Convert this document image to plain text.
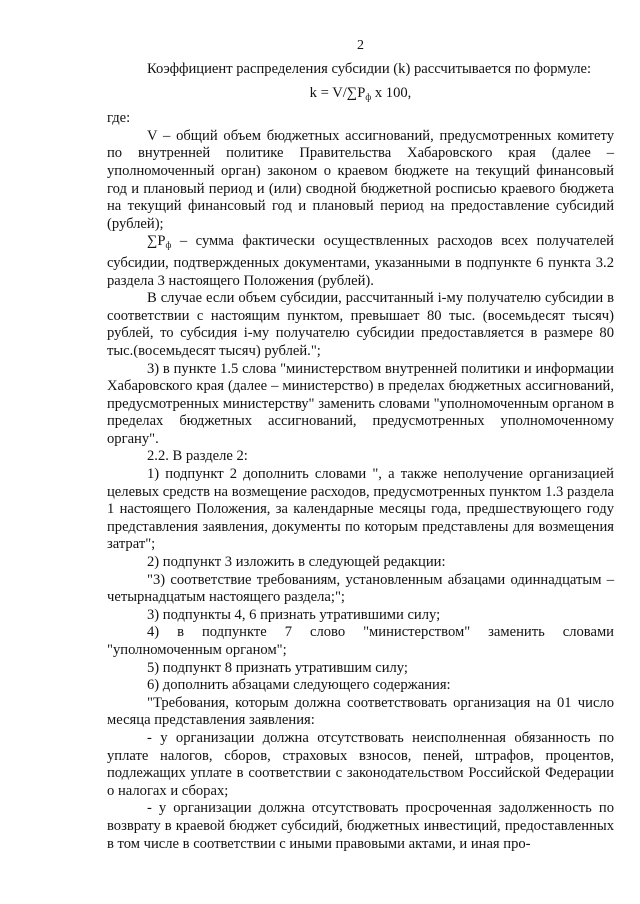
2

Коэффициент распределения субсидии (k) рассчитывается по формуле:

$k = V/\sum P_ф$ x 100,

где:

V – общий объем бюджетных ассигнований, предусмотренных комитету по внутренней политике Правительства Хабаровского края (далее – уполномоченный орган) законом о краевом бюджете на текущий финансовый год и плановый период и (или) сводной бюджетной росписью краевого бюджета на текущий финансовый год и плановый период на предоставление субсидий (рублей);

$\sum P_ф$ – сумма фактически осуществленных расходов всех получателей субсидии, подтвержденных документами, указанными в подпункте 6 пункта 3.2 раздела 3 настоящего Положения (рублей).

В случае если объем субсидии, рассчитанный i-му получателю субсидии в соответствии с настоящим пунктом, превышает 80 тыс. (восемьдесят тысяч) рублей, то субсидия i-му получателю субсидии предоставляется в размере 80 тыс.(восемьдесят тысяч) рублей.";

3) в пункте 1.5 слова "министерством внутренней политики и информации Хабаровского края (далее – министерство) в пределах бюджетных ассигнований, предусмотренных министерству" заменить словами "уполномоченным органом в пределах бюджетных ассигнований, предусмотренных уполномоченному органу".

2.2. В разделе 2:

1) подпункт 2 дополнить словами ", а также неполучение организацией целевых средств на возмещение расходов, предусмотренных пунктом 1.3 раздела 1 настоящего Положения, за календарные месяцы года, предшествующего году представления заявления, документы по которым представлены для возмещения затрат";

2) подпункт 3 изложить в следующей редакции:

"3) соответствие требованиям, установленным абзацами одиннадцатым – четырнадцатым настоящего раздела;";

3) подпункты 4, 6 признать утратившими силу;

4) в подпункте 7 слово "министерством" заменить словами "уполномоченным органом";

5) подпункт 8 признать утратившим силу;

6) дополнить абзацами следующего содержания:

"Требования, которым должна соответствовать организация на 01 число месяца представления заявления:

- у организации должна отсутствовать неисполненная обязанность по уплате налогов, сборов, страховых взносов, пеней, штрафов, процентов, подлежащих уплате в соответствии с законодательством Российской Федерации о налогах и сборах;

- у организации должна отсутствовать просроченная задолженность по возврату в краевой бюджет субсидий, бюджетных инвестиций, предоставленных в том числе в соответствии с иными правовыми актами, и иная про-
